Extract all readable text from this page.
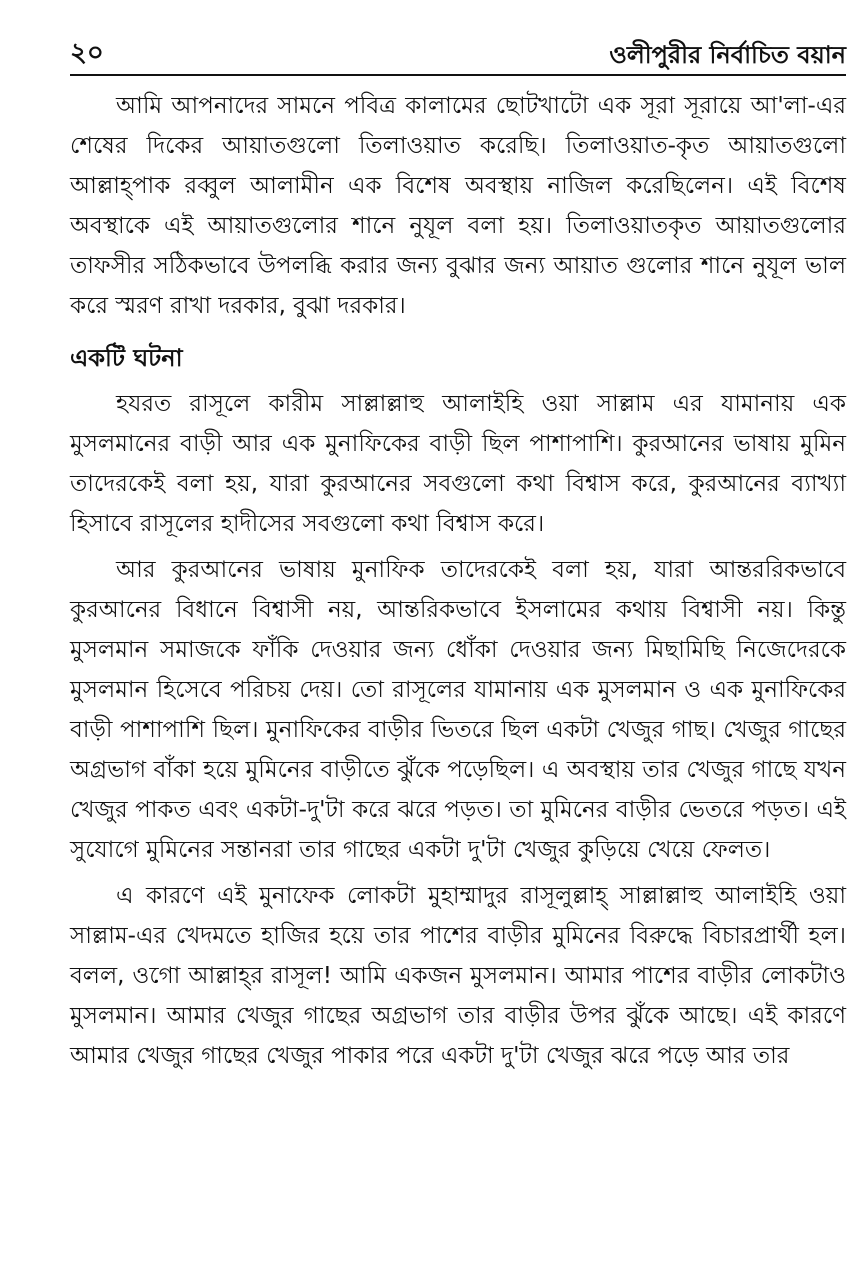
২০	ওলীপুরীর নির্বাচিত বয়ান

আমি আপনাদের সামনে পবিত্র কালামের ছোটখাটো এক সূরা সূরায়ে আ'লা-এর শেষের দিকের আয়াতগুলো তিলাওয়াত করেছি। তিলাওয়াত-কৃত আয়াতগুলো আল্লাহ্‌পাক রব্বুল আলামীন এক বিশেষ অবস্থায় নাজিল করেছিলেন। এই বিশেষ অবস্থাকে এই আয়াতগুলোর শানে নুযূল বলা হয়। তিলাওয়াতকৃত আয়াতগুলোর তাফসীর সঠিকভাবে উপলব্ধি করার জন্য বুঝার জন্য আয়াত গুলোর শানে নুযূল ভাল করে স্মরণ রাখা দরকার, বুঝা দরকার।

একটি ঘটনা

হযরত রাসূলে কারীম সাল্লাল্লাহু আলাইহি ওয়া সাল্লাম এর যামানায় এক মুসলমানের বাড়ী আর এক মুনাফিকের বাড়ী ছিল পাশাপাশি। কুরআনের ভাষায় মুমিন তাদেরকেই বলা হয়, যারা কুরআনের সবগুলো কথা বিশ্বাস করে, কুরআনের ব্যাখ্যা হিসাবে রাসূলের হাদীসের সবগুলো কথা বিশ্বাস করে।

আর কুরআনের ভাষায় মুনাফিক তাদেরকেই বলা হয়, যারা আন্তররিকভাবে কুরআনের বিধানে বিশ্বাসী নয়, আন্তরিকভাবে ইসলামের কথায় বিশ্বাসী নয়। কিন্তু মুসলমান সমাজকে ফাঁকি দেওয়ার জন্য ধোঁকা দেওয়ার জন্য মিছামিছি নিজেদেরকে মুসলমান হিসেবে পরিচয় দেয়। তো রাসূলের যামানায় এক মুসলমান ও এক মুনাফিকের বাড়ী পাশাপাশি ছিল। মুনাফিকের বাড়ীর ভিতরে ছিল একটা খেজুর গাছ। খেজুর গাছের অগ্রভাগ বাঁকা হয়ে মুমিনের বাড়ীতে ঝুঁকে পড়েছিল। এ অবস্থায় তার খেজুর গাছে যখন খেজুর পাকত এবং একটা-দু'টা করে ঝরে পড়ত। তা মুমিনের বাড়ীর ভেতরে পড়ত। এই সুযোগে মুমিনের সন্তানরা তার গাছের একটা দু'টা খেজুর কুড়িয়ে খেয়ে ফেলত।

এ কারণে এই মুনাফেক লোকটা মুহাম্মাদুর রাসূলুল্লাহ্ সাল্লাল্লাহু আলাইহি ওয়া সাল্লাম-এর খেদমতে হাজির হয়ে তার পাশের বাড়ীর মুমিনের বিরুদ্ধে বিচারপ্রার্থী হল। বলল, ওগো আল্লাহ্‌র রাসূল! আমি একজন মুসলমান। আমার পাশের বাড়ীর লোকটাও মুসলমান। আমার খেজুর গাছের অগ্রভাগ তার বাড়ীর উপর ঝুঁকে আছে। এই কারণে আমার খেজুর গাছের খেজুর পাকার পরে একটা দু'টা খেজুর ঝরে পড়ে আর তার
